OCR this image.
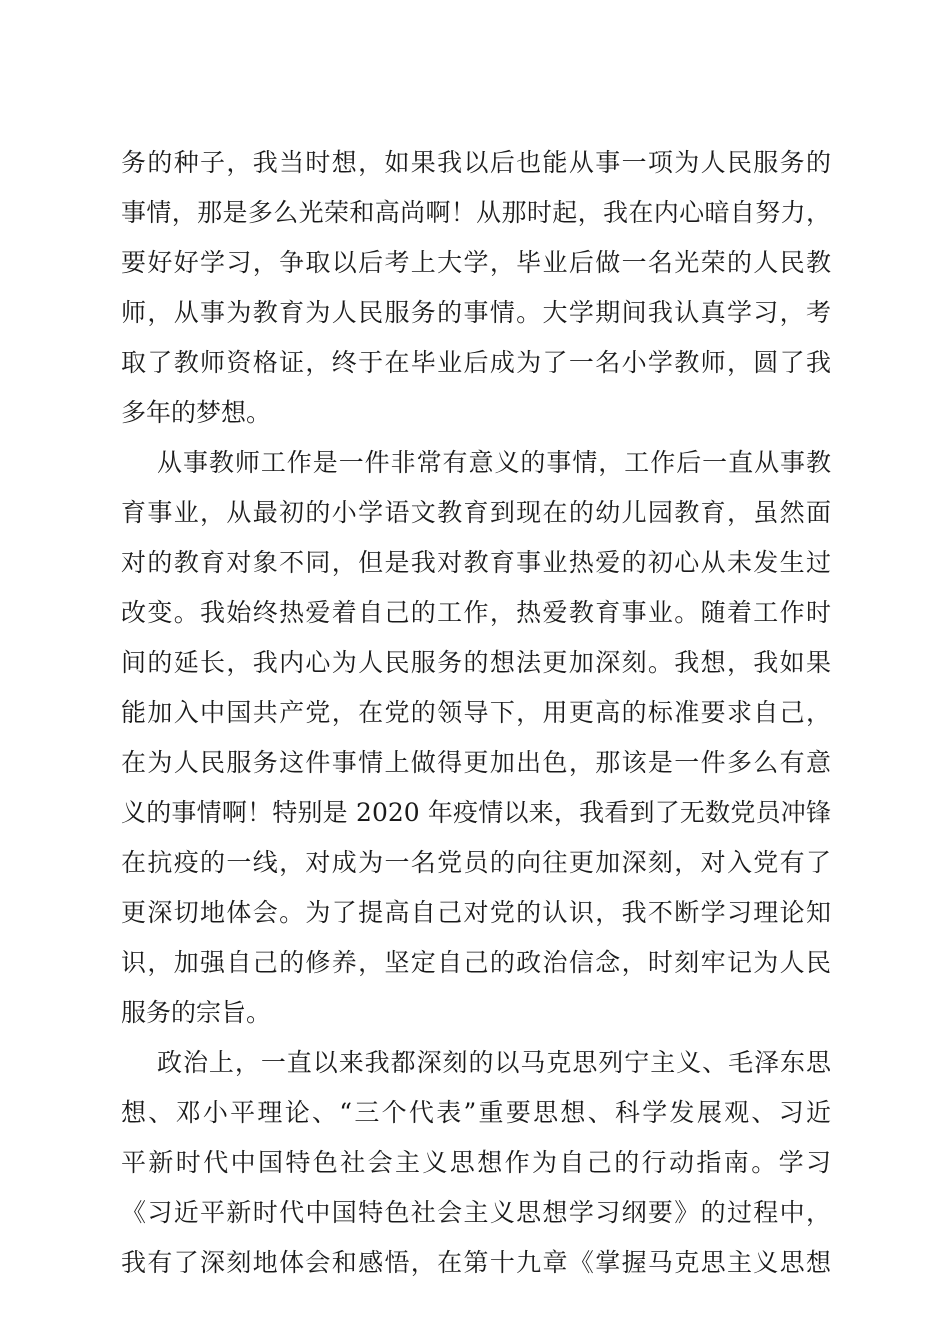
务的种子，我当时想，如果我以后也能从事一项为人民服务的
事情，那是多么光荣和高尚啊！从那时起，我在内心暗自努力，
要好好学习，争取以后考上大学，毕业后做一名光荣的人民教
师，从事为教育为人民服务的事情。大学期间我认真学习，考
取了教师资格证，终于在毕业后成为了一名小学教师，圆了我
多年的梦想。
从事教师工作是一件非常有意义的事情，工作后一直从事教
育事业，从最初的小学语文教育到现在的幼儿园教育，虽然面
对的教育对象不同，但是我对教育事业热爱的初心从未发生过
改变。我始终热爱着自己的工作，热爱教育事业。随着工作时
间的延长，我内心为人民服务的想法更加深刻。我想，我如果
能加入中国共产党，在党的领导下，用更高的标准要求自己，
在为人民服务这件事情上做得更加出色，那该是一件多么有意
义的事情啊！特别是 2020 年疫情以来，我看到了无数党员冲锋
在抗疫的一线，对成为一名党员的向往更加深刻，对入党有了
更深切地体会。为了提高自己对党的认识，我不断学习理论知
识，加强自己的修养，坚定自己的政治信念，时刻牢记为人民
服务的宗旨。
政治上，一直以来我都深刻的以马克思列宁主义、毛泽东思
想、邓小平理论、“三个代表”重要思想、科学发展观、习近
平新时代中国特色社会主义思想作为自己的行动指南。学习
《习近平新时代中国特色社会主义思想学习纲要》的过程中，
我有了深刻地体会和感悟，在第十九章《掌握马克思主义思想
